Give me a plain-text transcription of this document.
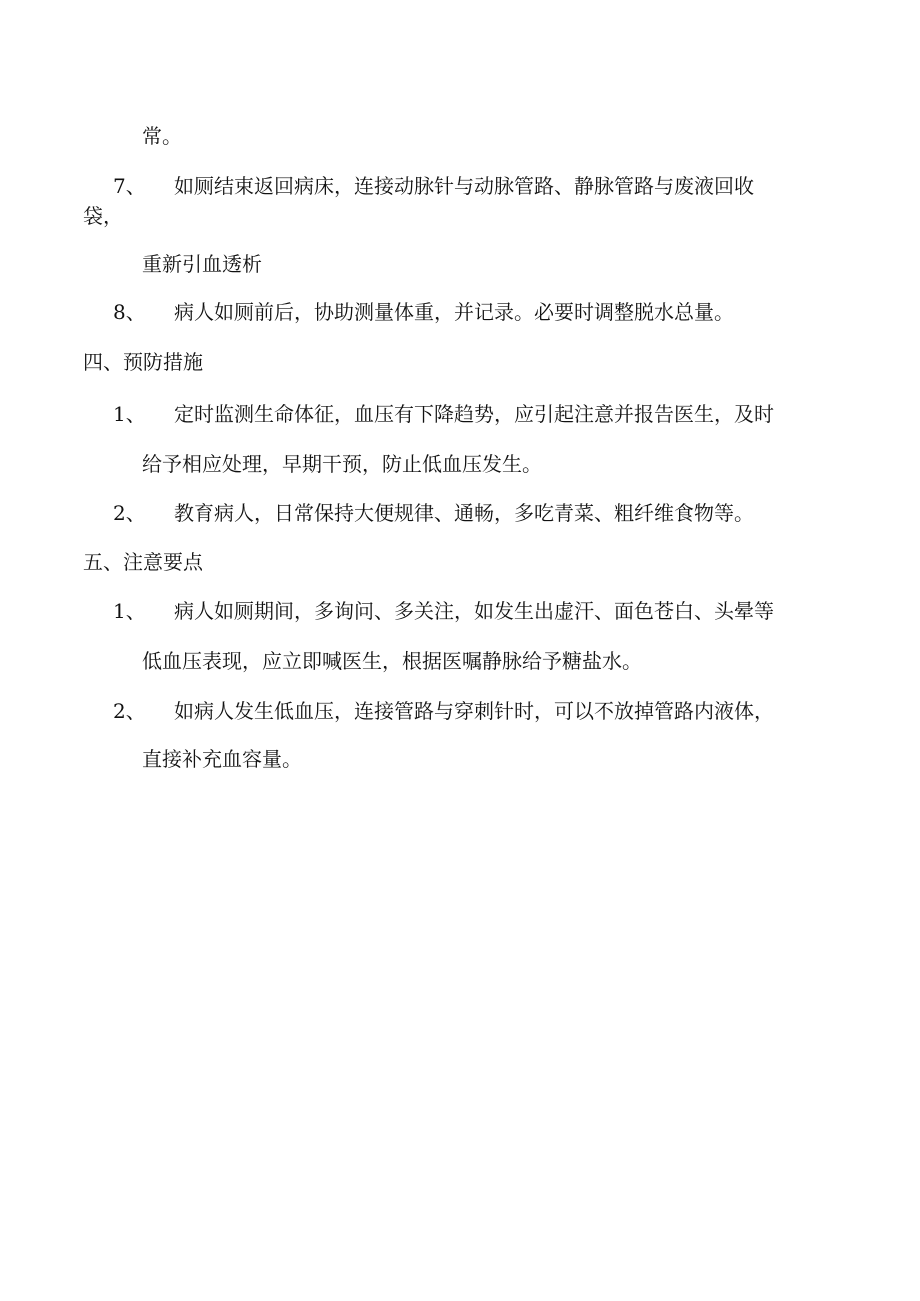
常。
7、 如厕结束返回病床，连接动脉针与动脉管路、静脉管路与废液回收
袋，
重新引血透析
8、 病人如厕前后，协助测量体重，并记录。必要时调整脱水总量。
四、预防措施
1、 定时监测生命体征，血压有下降趋势，应引起注意并报告医生，及时
给予相应处理，早期干预，防止低血压发生。
2、 教育病人，日常保持大便规律、通畅，多吃青菜、粗纤维食物等。
五、注意要点
1、 病人如厕期间，多询问、多关注，如发生出虚汗、面色苍白、头晕等
低血压表现，应立即喊医生，根据医嘱静脉给予糖盐水。
2、 如病人发生低血压，连接管路与穿刺针时，可以不放掉管路内液体，
直接补充血容量。
